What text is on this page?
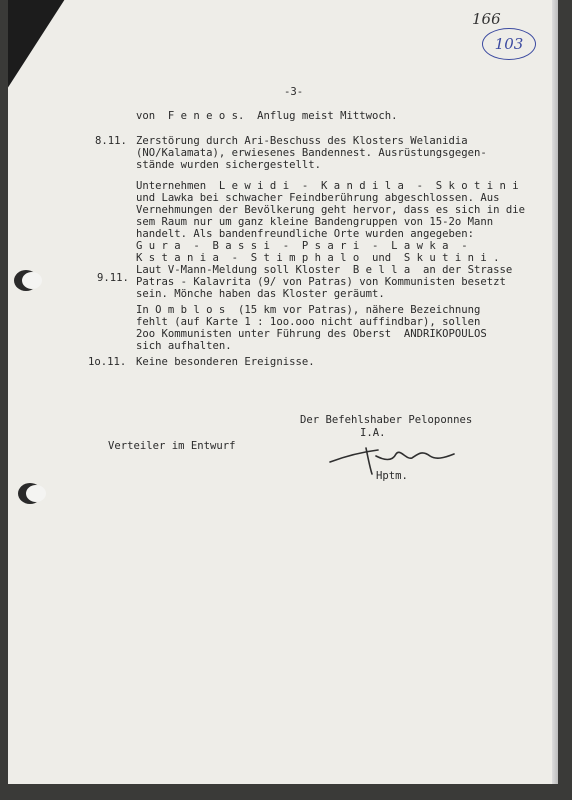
166
103
-3-
von  F e n e o s.  Anflug meist Mittwoch.
8.11. Zerstörung durch Ari-Beschuss des Klosters Welanidia
(NO/Kalamata), erwiesenes Bandennest. Ausrüstungsgegen-
stände wurden sichergestellt.
Unternehmen  L e w i d i  -  K a n d i l a  -  S k o t i n i
und Lawka bei schwacher Feindberührung abgeschlossen. Aus
Vernehmungen der Bevölkerung geht hervor, dass es sich in die
sem Raum nur um ganz kleine Bandengruppen von 15-2o Mann
handelt. Als bandenfreundliche Orte wurden angegeben:
G u r a  -  B a s s i  -  P s a r i  -  L a w k a  -
K s t a n i a  -  S t i m p h a l o  und  S k u t i n i .
9.11.
Laut V-Mann-Meldung soll Kloster  B e l l a  an der Strasse
Patras - Kalavrita (9/ von Patras) von Kommunisten besetzt
sein. Mönche haben das Kloster geräumt.
In O m b l o s  (15 km vor Patras), nähere Bezeichnung
fehlt (auf Karte 1 : 1oo.ooo nicht auffindbar), sollen
2oo Kommunisten unter Führung des Oberst  ANDRIKOPOULOS
sich aufhalten.
1o.11. Keine besonderen Ereignisse.
Der Befehlshaber Peloponnes
I.A.
Verteiler im Entwurf
Hptm.
